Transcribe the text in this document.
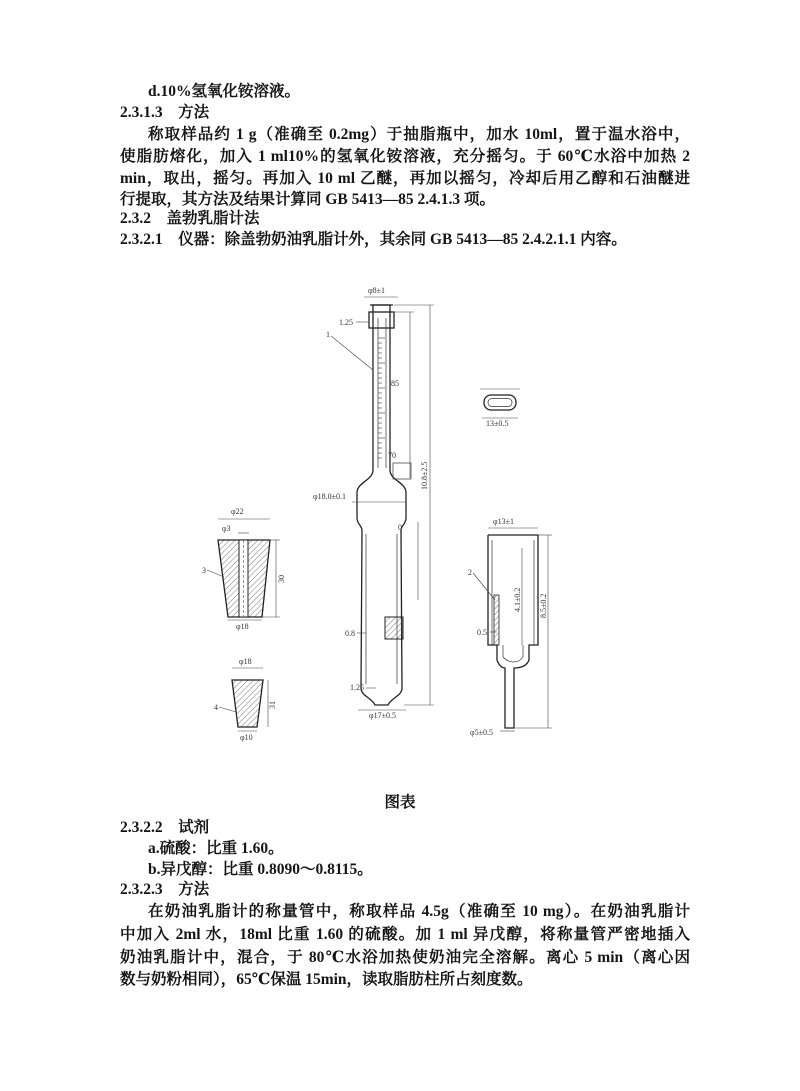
d.10%氢氧化铵溶液。
2.3.1.3　方法
称取样品约 1 g（准确至 0.2mg）于抽脂瓶中，加水 10ml，置于温水浴中，
使脂肪熔化，加入 1 ml10%的氢氧化铵溶液，充分摇匀。于 60℃水浴中加热 2
min，取出，摇匀。再加入 10 ml 乙醚，再加以摇匀，冷却后用乙醇和石油醚进
行提取，其方法及结果计算同 GB 5413—85 2.4.1.3 项。
2.3.2　盖勃乳脂计法
2.3.2.1　仪器：除盖勃奶油乳脂计外，其余同 GB 5413—85 2.4.2.1.1 内容。
φ8±1
1.25
1
85
70
0
10.8±2.5
φ18.0±0.1
0.8
1.25
φ17±0.5
φ22
φ3
3
30
φ18
φ18
4	31
φ10
φ13±1
2
0.5
4.1±0.2 8.5±0.2
φ5±0.5
13±0.5
图表
2.3.2.2　试剂
a.硫酸：比重 1.60。
b.异戊醇：比重 0.8090～0.8115。
2.3.2.3　方法
在奶油乳脂计的称量管中，称取样品 4.5g（准确至 10 mg）。在奶油乳脂计
中加入 2ml 水，18ml 比重 1.60 的硫酸。加 1 ml 异戊醇，将称量管严密地插入
奶油乳脂计中，混合，于 80℃水浴加热使奶油完全溶解。离心 5 min（离心因
数与奶粉相同），65℃保温 15min，读取脂肪柱所占刻度数。
